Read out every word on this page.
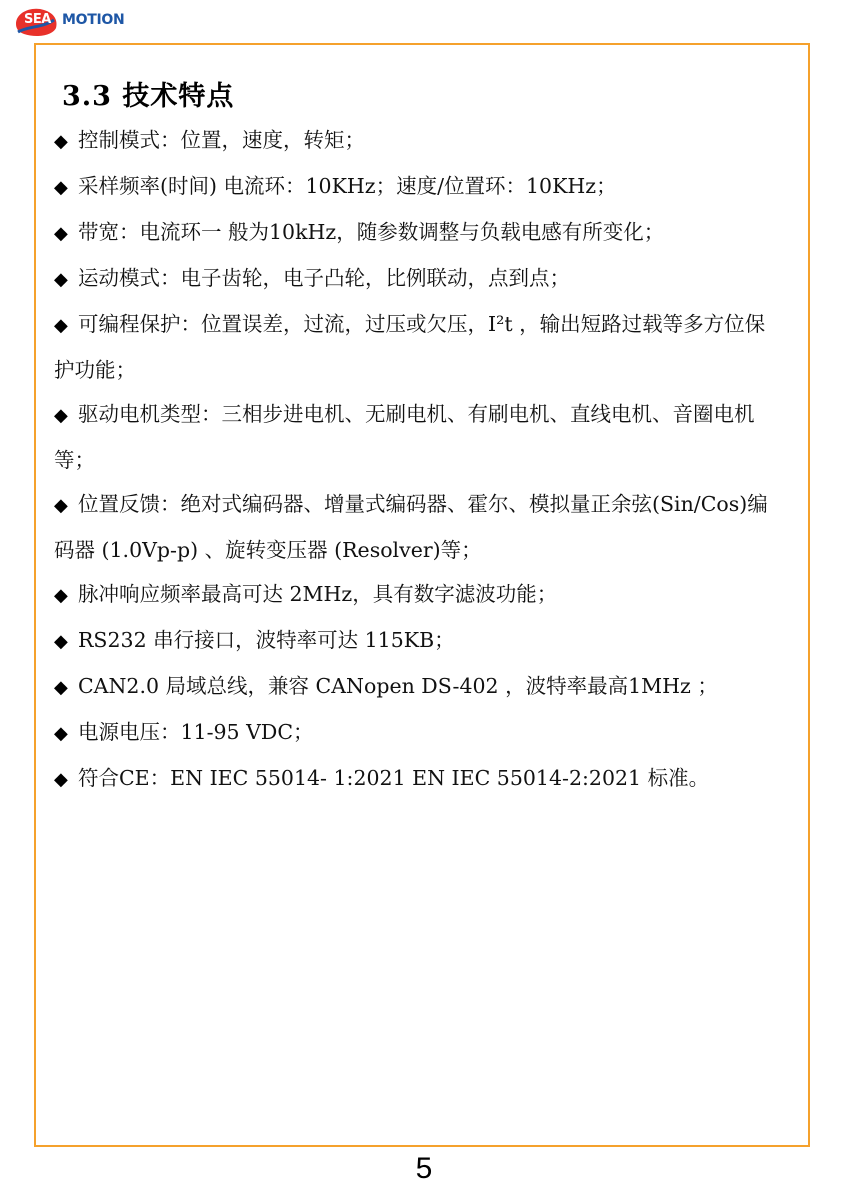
SEA MOTION
3.3 技术特点
◆ 控制模式：位置，速度，转矩；
◆ 采样频率(时间) 电流环：10KHz；速度/位置环：10KHz；
◆ 带宽：电流环一 般为10kHz，随参数调整与负载电感有所变化；
◆ 运动模式：电子齿轮，电子凸轮，比例联动，点到点；
◆ 可编程保护：位置误差，过流，过压或欠压，I²t ，输出短路过载等多方位保护功能；
◆ 驱动电机类型：三相步进电机、无刷电机、有刷电机、直线电机、音圈电机等；
◆ 位置反馈：绝对式编码器、增量式编码器、霍尔、模拟量正余弦(Sin/Cos)编码器 (1.0Vp-p) 、旋转变压器 (Resolver)等；
◆ 脉冲响应频率最高可达 2MHz，具有数字滤波功能；
◆ RS232 串行接口，波特率可达 115KB；
◆ CAN2.0 局域总线，兼容 CANopen DS-402 ，波特率最高1MHz ；
◆ 电源电压：11-95 VDC；
◆ 符合CE：EN IEC 55014- 1:2021 EN IEC 55014-2:2021 标准。
5
